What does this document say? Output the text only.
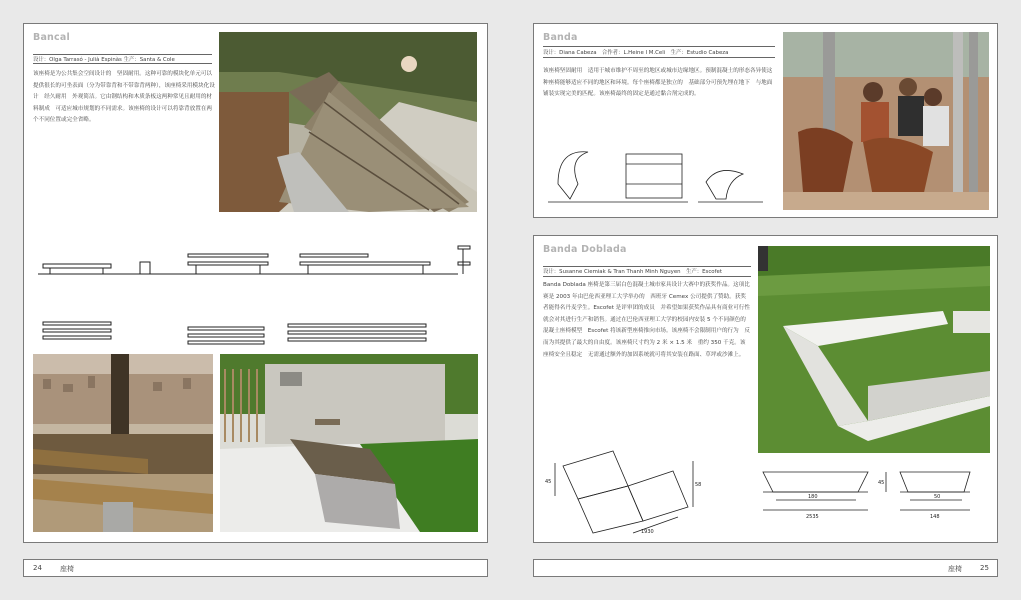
Bancal
设计：Olga Tarrasó - Julià Espinàs 生产：Santa & Cole

该座椅是为公共集会空间设计的　坚固耐用。这种可靠的模块化单元可以提供很长的可坐表面（分为带靠背和不带靠背两种），该座椅采用模块化设计　经久耐用　外观简洁。它由钢结构和木质条板这两种常见且耐用的材料制成　可适应城市规划的不同需求。该座椅的设计可以将靠背放置在两个不同位置或完全省略。

24	座椅
Banda
设计：Diana Cabeza　合作者：L.Heine I M.Celi　生产：Estudio Cabeza

该座椅坚固耐用　适用于城市维护不周至的地区或城市边缘地区。预制混凝土的形态各异使这种座椅能够适应不同的地区和环境。每个座椅都是独立的　基础部分可预先埋在地下　与地面铺装实现完美的匹配。该座椅最终的固定是通过黏合剂完成的。

Banda Doblada
设计：Susanne Ciemiak & Tran Thanh Minh Nguyen　生产：Escofet

Banda Doblada 座椅是第三届白色混凝土城市家具设计大赛中的获奖作品。这项比赛是 2003 年由巴伦西亚理工大学举办的　西班牙 Cemex 公司提供了赞助。获奖者能得名丹麦学生。Escofet 是评审团的成员　并希望如果获奖作品具有商业可行性　就会对其进行生产和销售。通过在巴伦西亚理工大学的校园内安装 5 个不同颜色的混凝土座椅模型　Escofet 将该新型座椅推向市场。该座椅不会限制用户的行为　反而为其提供了最大的自由度。该座椅尺寸约为 2 米 × 1.5 米　重约 350 千克。该座椅安全且稳定　无需通过额外的加固系统就可将其安装在路面、草坪或沙滩上。

45
1930
58
180
2535
45
50
148
座椅	25
